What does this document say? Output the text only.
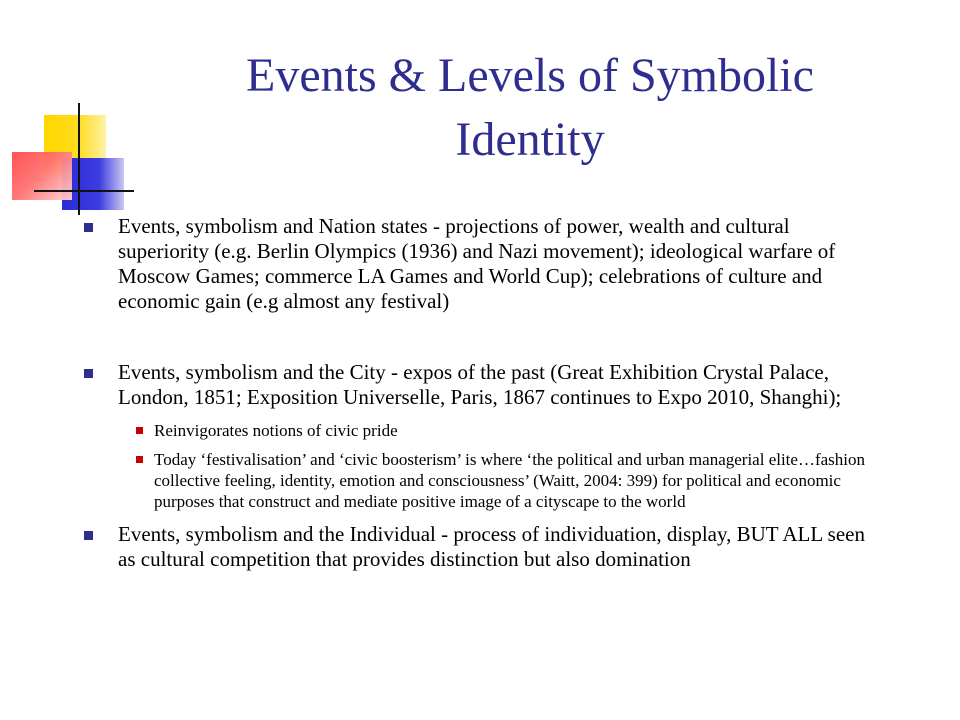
Events & Levels of Symbolic
Identity
Events, symbolism and Nation states - projections of power, wealth and cultural superiority (e.g. Berlin Olympics (1936) and Nazi movement); ideological warfare of Moscow Games; commerce LA Games and World Cup); celebrations of culture and economic gain (e.g almost any festival)
Events, symbolism and the City - expos of the past (Great Exhibition Crystal Palace, London, 1851; Exposition Universelle, Paris, 1867 continues to Expo 2010, Shanghi);
Reinvigorates notions of civic pride
Today ‘festivalisation’ and ‘civic boosterism’ is where ‘the political and urban managerial elite…fashion collective feeling, identity, emotion and consciousness’ (Waitt, 2004: 399) for political and economic purposes that construct and mediate positive image of a cityscape to the world
Events, symbolism and the Individual - process of individuation, display, BUT ALL seen as cultural competition that provides distinction but also domination
